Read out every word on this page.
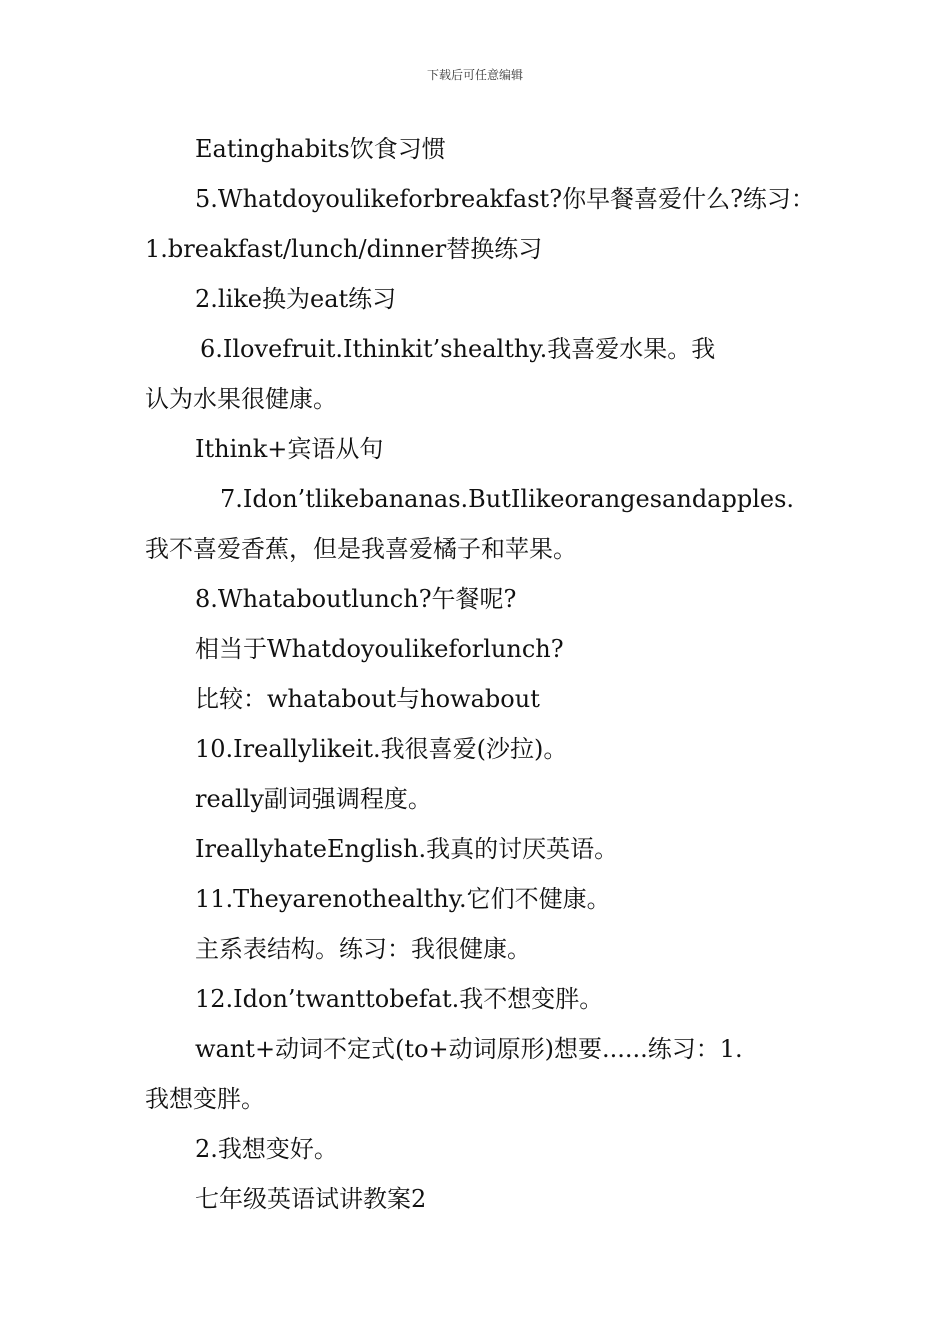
下载后可任意编辑
Eatinghabits饮食习惯
5.Whatdoyoulikeforbreakfast?你早餐喜爱什么?练习：
1.breakfast/lunch/dinner替换练习
2.like换为eat练习
6.Ilovefruit.Ithinkit’shealthy.我喜爱水果。我
认为水果很健康。
Ithink+宾语从句
7.Idon’tlikebananas.ButIlikeorangesandapples.
我不喜爱香蕉，但是我喜爱橘子和苹果。
8.Whataboutlunch?午餐呢?
相当于Whatdoyoulikeforlunch?
比较：whatabout与howabout
10.Ireallylikeit.我很喜爱(沙拉)。
really副词强调程度。
IreallyhateEnglish.我真的讨厌英语。
11.Theyarenothealthy.它们不健康。
主系表结构。练习：我很健康。
12.Idon’twanttobefat.我不想变胖。
want+动词不定式(to+动词原形)想要......练习：1.
我想变胖。
2.我想变好。
七年级英语试讲教案2
